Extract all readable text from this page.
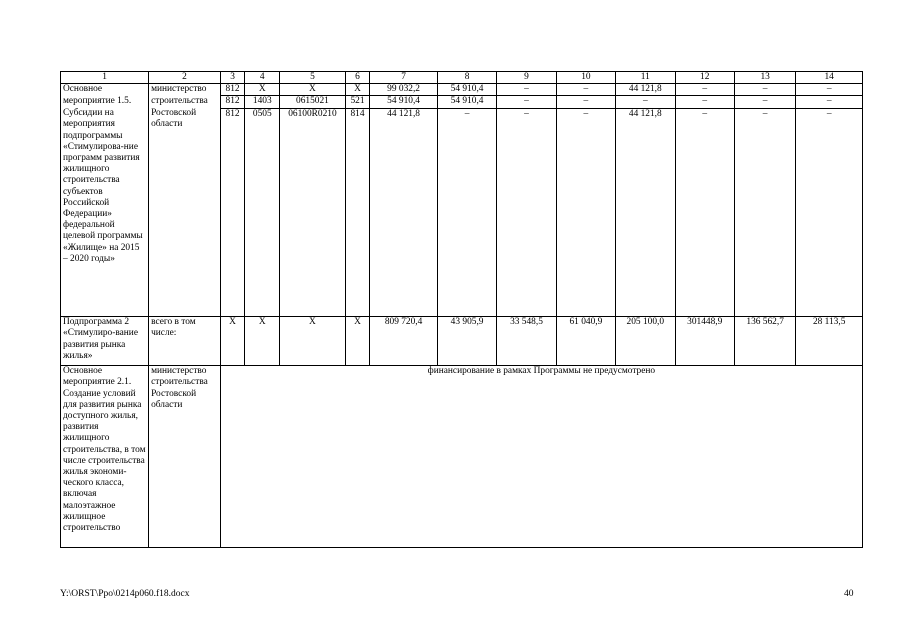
1	2	3	4	5	6	7	8	9	10	11	12	13	14
Основное	министерство	812	Х	Х	Х	99 032,2	54 910,4	–	–	44 121,8	–	–	–
мероприятие 1.5.	строительства	812	1403	0615021	521	54 910,4	54 910,4	–	–	–	–	–	–
Субсидии на мероприятия подпрограммы «Стимулирова-ние программ развития жилищного строительства субъектов Российской Федерации» федеральной целевой программы «Жилище» на 2015 – 2020 годы»	Ростовской области	812	0505	06100R0210	814	44 121,8	–	–	–	44 121,8	–	–	–
Подпрограмма 2 «Стимулиро-вание развития рынка жилья»	всего в том числе:	Х	Х	Х	Х	809 720,4	43 905,9	33 548,5	61 040,9	205 100,0	301448,9	136 562,7	28 113,5
Основное мероприятие 2.1. Создание условий для развития рынка доступного жилья, развития жилищного строительства, в том числе строительства жилья экономи-ческого класса, включая малоэтажное жилищное строительство	министерство строительства Ростовской области	финансирование в рамках Программы не предусмотрено											
Y:\ORST\Ppo\0214p060.f18.docx	40
